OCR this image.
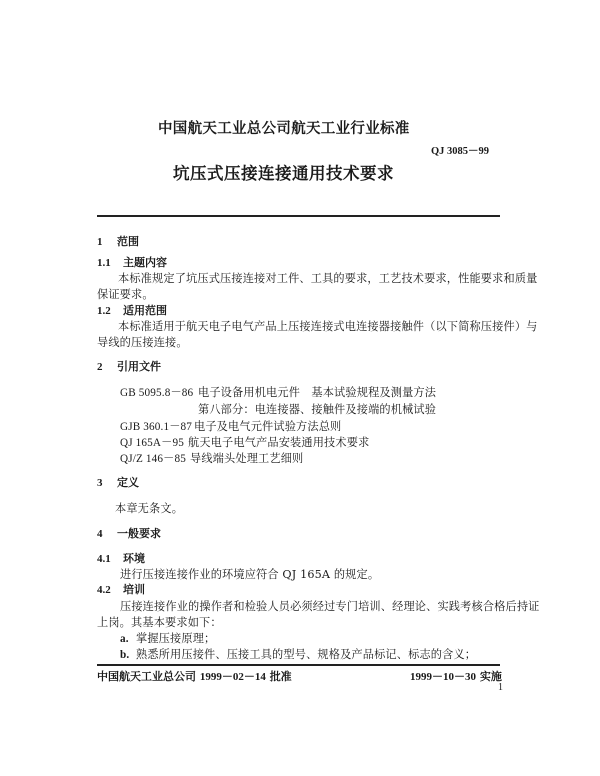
中国航天工业总公司航天工业行业标准
QJ 3085－99
坑压式压接连接通用技术要求
1 范围
1.1 主题内容
本标准规定了坑压式压接连接对工件、工具的要求，工艺技术要求，性能要求和质量
保证要求。
1.2 适用范围
本标准适用于航天电子电气产品上压接连接式电连接器接触件（以下简称压接件）与
导线的压接连接。
2 引用文件
GB 5095.8－86 电子设备用机电元件　基本试验规程及测量方法
第八部分：电连接器、接触件及接端的机械试验
GJB 360.1－87 电子及电气元件试验方法总则
QJ 165A－95 航天电子电气产品安装通用技术要求
QJ/Z 146－85 导线端头处理工艺细则
3 定义
本章无条文。
4 一般要求
4.1 环境
进行压接连接作业的环境应符合 QJ 165A 的规定。
4.2 培训
压接连接作业的操作者和检验人员必须经过专门培训、经理论、实践考核合格后持证
上岗。其基本要求如下：
a. 掌握压接原理；
b. 熟悉所用压接件、压接工具的型号、规格及产品标记、标志的含义；
中国航天工业总公司 1999－02－14 批准	1999－10－30 实施
1
